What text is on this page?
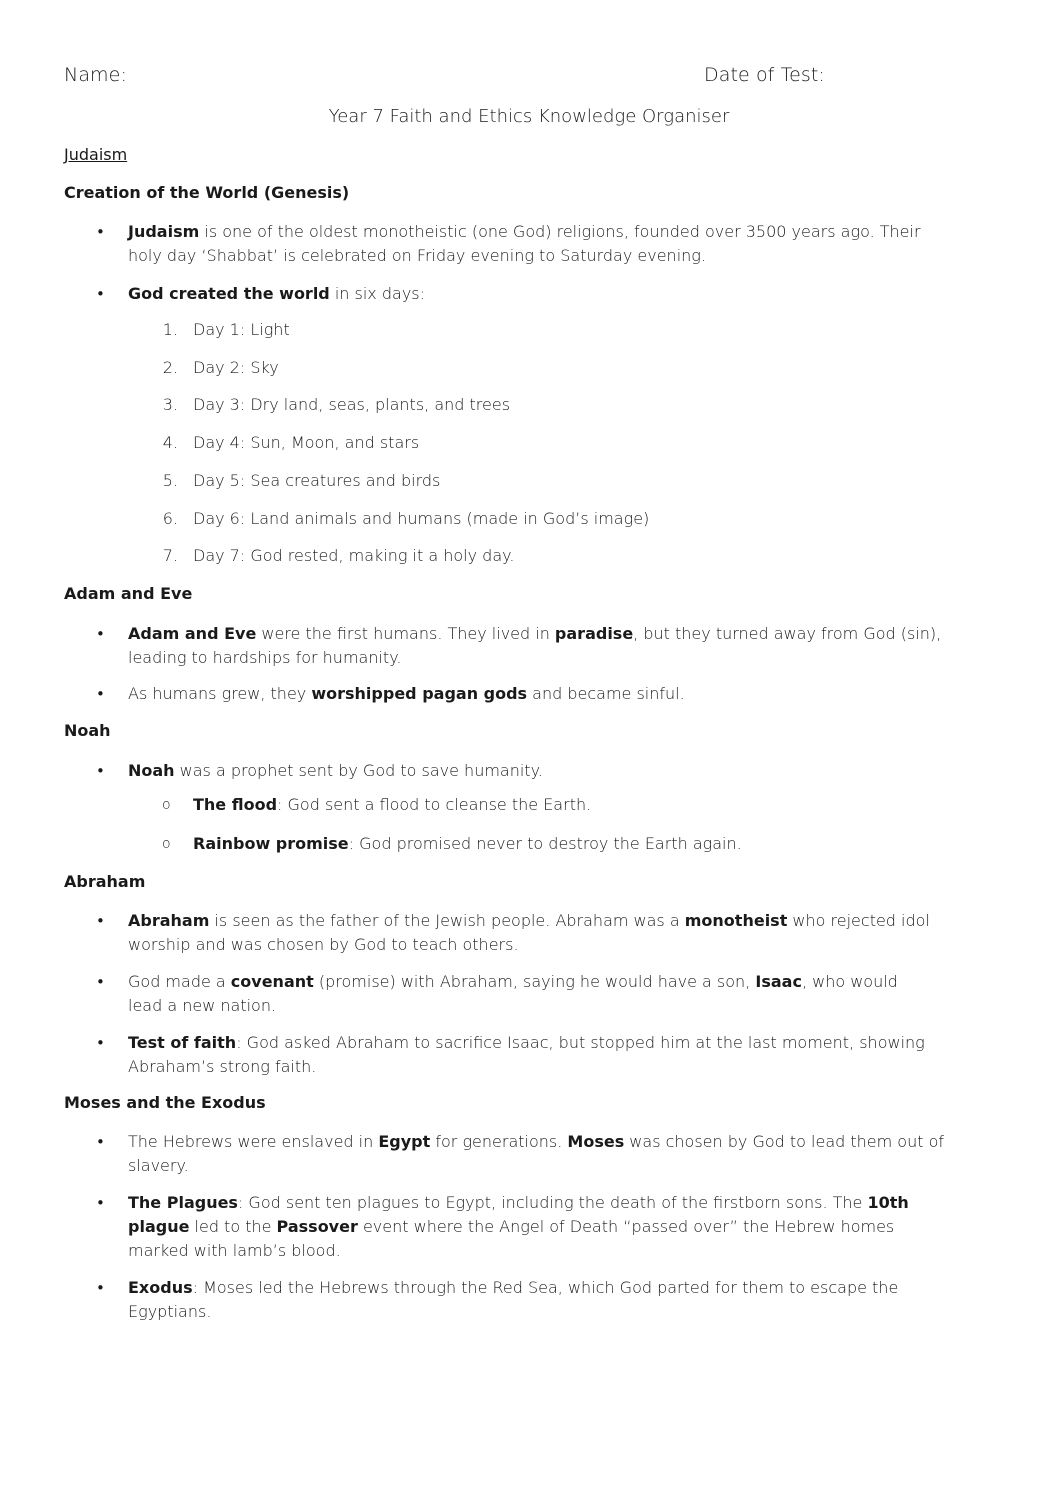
Name:	Date of Test:
Year 7 Faith and Ethics Knowledge Organiser
Judaism
Creation of the World (Genesis)
• Judaism is one of the oldest monotheistic (one God) religions, founded over 3500 years ago. Their
holy day ‘Shabbat’ is celebrated on Friday evening to Saturday evening.
• God created the world in six days:
1. Day 1: Light
2. Day 2: Sky
3. Day 3: Dry land, seas, plants, and trees
4. Day 4: Sun, Moon, and stars
5. Day 5: Sea creatures and birds
6. Day 6: Land animals and humans (made in God’s image)
7. Day 7: God rested, making it a holy day.
Adam and Eve
• Adam and Eve were the first humans. They lived in paradise, but they turned away from God (sin),
leading to hardships for humanity.
• As humans grew, they worshipped pagan gods and became sinful.
Noah
• Noah was a prophet sent by God to save humanity.
o The flood: God sent a flood to cleanse the Earth.
o Rainbow promise: God promised never to destroy the Earth again.
Abraham
• Abraham is seen as the father of the Jewish people. Abraham was a monotheist who rejected idol
worship and was chosen by God to teach others.
• God made a covenant (promise) with Abraham, saying he would have a son, Isaac, who would
lead a new nation.
• Test of faith: God asked Abraham to sacrifice Isaac, but stopped him at the last moment, showing
Abraham’s strong faith.
Moses and the Exodus
• The Hebrews were enslaved in Egypt for generations. Moses was chosen by God to lead them out of
slavery.
• The Plagues: God sent ten plagues to Egypt, including the death of the firstborn sons. The 10th
plague led to the Passover event where the Angel of Death “passed over” the Hebrew homes
marked with lamb’s blood.
• Exodus: Moses led the Hebrews through the Red Sea, which God parted for them to escape the
Egyptians.
